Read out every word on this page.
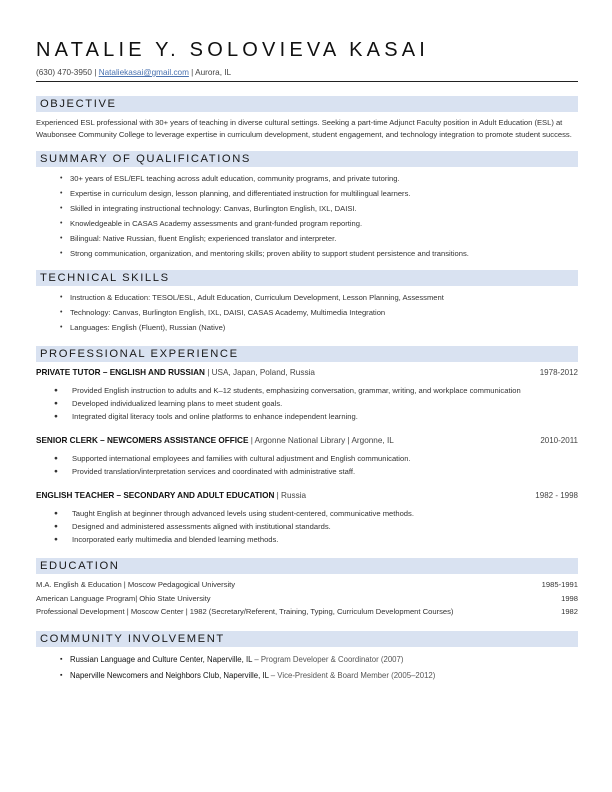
NATALIE Y. SOLOVIEVA KASAI
(630) 470-3950 | Nataliekasai@gmail.com | Aurora, IL
OBJECTIVE
Experienced ESL professional with 30+ years of teaching in diverse cultural settings. Seeking a part-time Adjunct Faculty position in Adult Education (ESL) at Waubonsee Community College to leverage expertise in curriculum development, student engagement, and technology integration to promote student success.
SUMMARY OF QUALIFICATIONS
• 30+ years of ESL/EFL teaching across adult education, community programs, and private tutoring.
• Expertise in curriculum design, lesson planning, and differentiated instruction for multilingual learners.
• Skilled in integrating instructional technology: Canvas, Burlington English, IXL, DAISI.
• Knowledgeable in CASAS Academy assessments and grant-funded program reporting.
• Bilingual: Native Russian, fluent English; experienced translator and interpreter.
• Strong communication, organization, and mentoring skills; proven ability to support student persistence and transitions.
TECHNICAL SKILLS
• Instruction & Education: TESOL/ESL, Adult Education, Curriculum Development, Lesson Planning, Assessment
• Technology: Canvas, Burlington English, IXL, DAISI, CASAS Academy, Multimedia Integration
• Languages: English (Fluent), Russian (Native)
PROFESSIONAL EXPERIENCE
PRIVATE TUTOR – ENGLISH AND RUSSIAN | USA, Japan, Poland, Russia	1978-2012
● Provided English instruction to adults and K–12 students, emphasizing conversation, grammar, writing, and workplace communication
● Developed individualized learning plans to meet student goals.
● Integrated digital literacy tools and online platforms to enhance independent learning.
SENIOR CLERK – NEWCOMERS ASSISTANCE OFFICE | Argonne National Library | Argonne, IL	2010-2011
● Supported international employees and families with cultural adjustment and English communication.
● Provided translation/interpretation services and coordinated with administrative staff.
ENGLISH TEACHER – SECONDARY AND ADULT EDUCATION | Russia	1982 - 1998
● Taught English at beginner through advanced levels using student-centered, communicative methods.
● Designed and administered assessments aligned with institutional standards.
● Incorporated early multimedia and blended learning methods.
EDUCATION
M.A. English & Education | Moscow Pedagogical University	1985-1991
American Language Program| Ohio State University	1998
Professional Development | Moscow Center | 1982 (Secretary/Referent, Training, Typing, Curriculum Development Courses)	1982
COMMUNITY INVOLVEMENT
▪ Russian Language and Culture Center, Naperville, IL – Program Developer & Coordinator (2007)
▪ Naperville Newcomers and Neighbors Club, Naperville, IL – Vice-President & Board Member (2005–2012)
